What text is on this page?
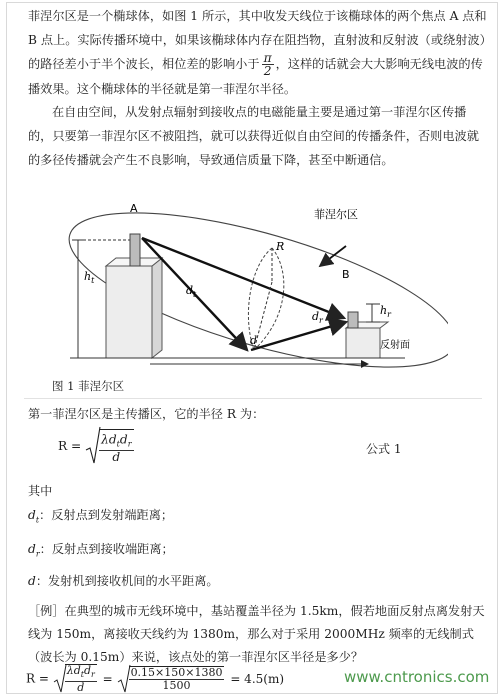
菲涅尔区是一个椭球体，如图 1 所示，其中收发天线位于该椭球体的两个焦点 A 点和 B 点上。实际传播环境中，如果该椭球体内存在阻挡物，直射波和反射波（或绕射波）的路径差小于半个波长，相位差的影响小于 $\frac{\pi}{2}$ ，这样的话就会大大影响无线电波的传播效果。这个椭球体的半径就是第一菲涅尔半径。

在自由空间，从发射点辐射到接收点的电磁能量主要是通过第一菲涅尔区传播的，只要第一菲涅尔区不被阻挡，就可以获得近似自由空间的传播条件，否则电波就的多径传播就会产生不良影响，导致通信质量下降，甚至中断通信。

A
B
R
菲涅尔区
$h_t$
$d_t$
$d_r$
d
$h_r$
反射面
图 1 菲涅尔区

第一菲涅尔区是主传播区，它的半径 R 为：

$R = \frac{\lambda d_td_r}{d}$	公式 1
其中
$d_t$：反射点到发射端距离；
$d_r$：反射点到接收端距离；
d：发射机到接收机间的水平距离。
［例］在典型的城市无线环境中，基站覆盖半径为 1.5km，假若地面反射点离发射天线为 150m，离接收天线约为 1380m，那么对于采用 2000MHz 频率的无线制式（波长为 0.15m）来说，该点处的第一菲涅尔区半径是多少？
$R = \frac{\lambda d_td_r}{d} = \frac{0.15\times 150\times 1380}{1500} = 4.5(m)$	www.cntronics.com
